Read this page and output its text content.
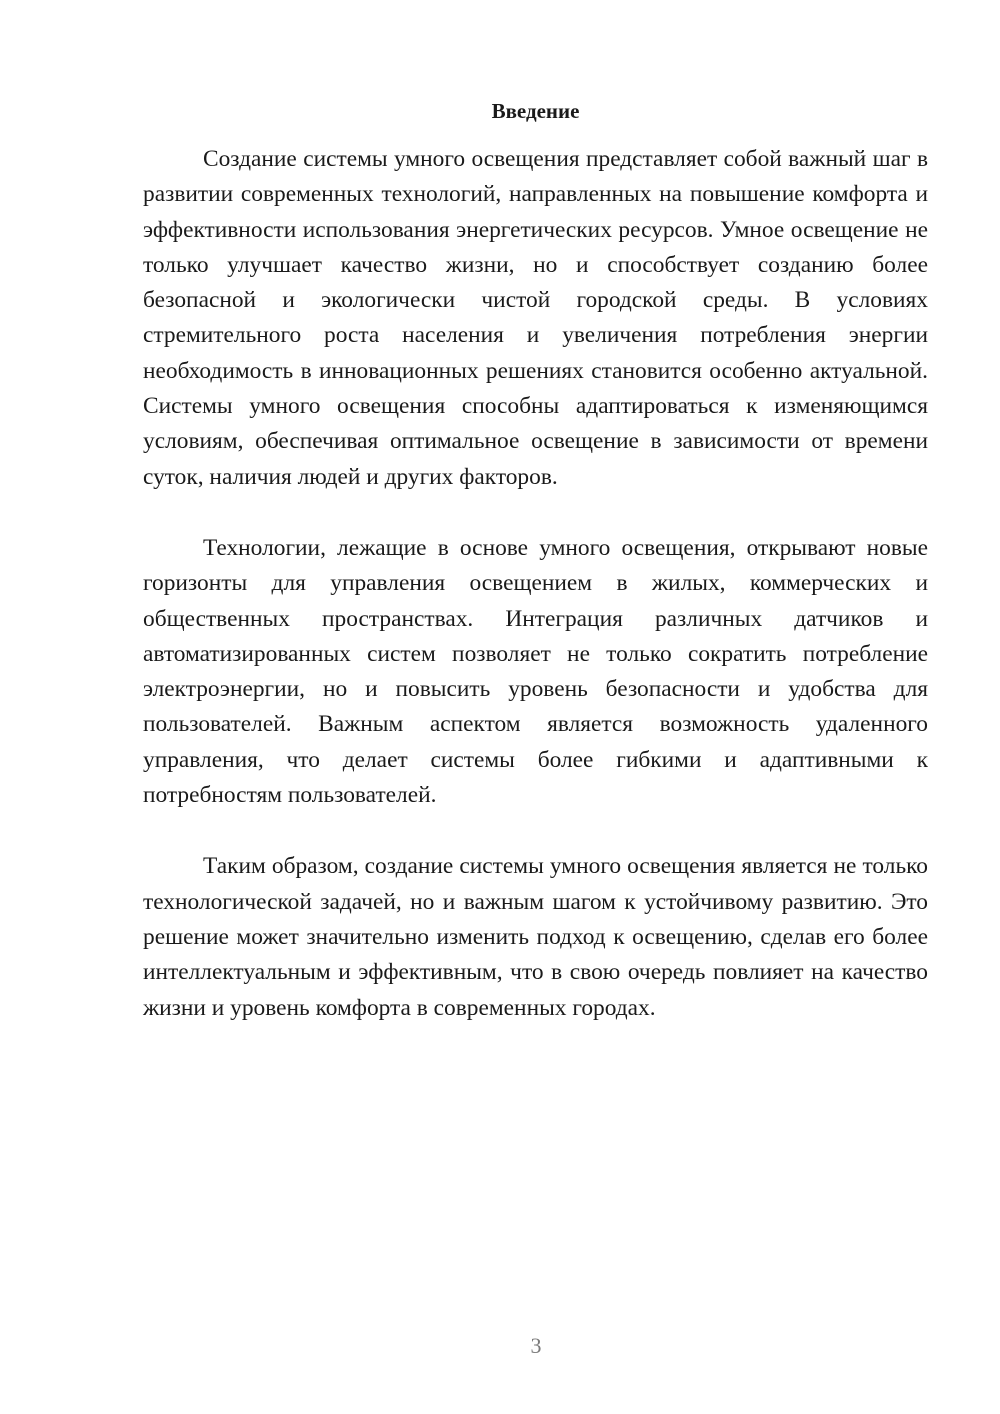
Введение

Создание системы умного освещения представляет собой важный шаг в развитии современных технологий, направленных на повышение комфорта и эффективности использования энергетических ресурсов. Умное освещение не только улучшает качество жизни, но и способствует созданию более безопасной и экологически чистой городской среды. В условиях стремительного роста населения и увеличения потребления энергии необходимость в инновационных решениях становится особенно актуальной. Системы умного освещения способны адаптироваться к изменяющимся условиям, обеспечивая оптимальное освещение в зависимости от времени суток, наличия людей и других факторов.

Технологии, лежащие в основе умного освещения, открывают новые горизонты для управления освещением в жилых, коммерческих и общественных пространствах. Интеграция различных датчиков и автоматизированных систем позволяет не только сократить потребление электроэнергии, но и повысить уровень безопасности и удобства для пользователей. Важным аспектом является возможность удаленного управления, что делает системы более гибкими и адаптивными к потребностям пользователей.

Таким образом, создание системы умного освещения является не только технологической задачей, но и важным шагом к устойчивому развитию. Это решение может значительно изменить подход к освещению, сделав его более интеллектуальным и эффективным, что в свою очередь повлияет на качество жизни и уровень комфорта в современных городах.

3
